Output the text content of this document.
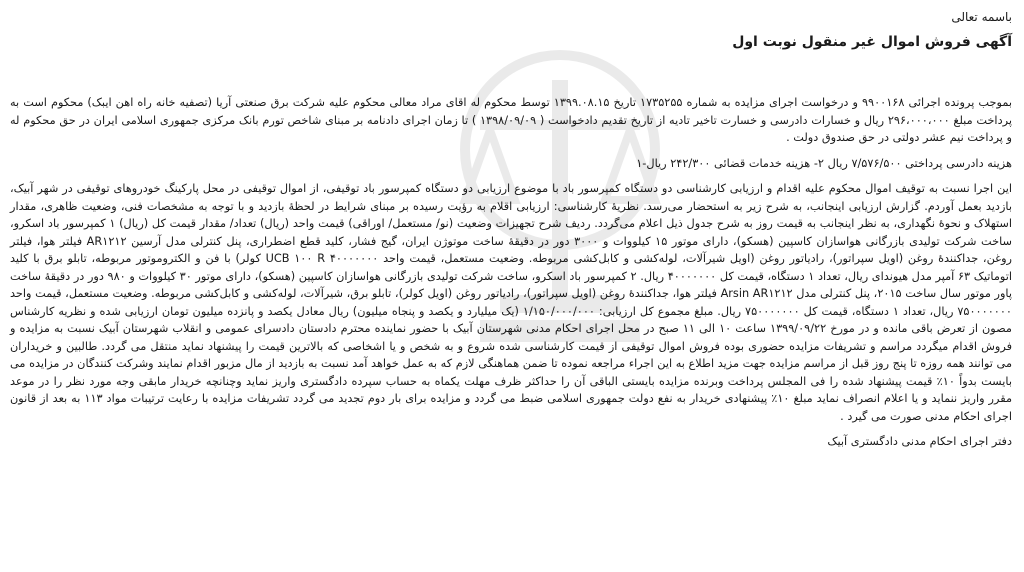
باسمه تعالی
آگهی فروش اموال غیر منقول نوبت اول

بموجب پرونده اجرائی ۹۹۰۰۱۶۸ و درخواست اجرای مزایده به شماره ۱۷۳۵۲۵۵ تاریخ ۱۳۹۹.۰۸.۱۵ توسط محکوم له اقای مراد معالی محکوم علیه شرکت برق صنعتی آریا (تصفیه خانه راه اهن ایبک) محکوم است به پرداخت مبلغ ۲۹۶،۰۰۰،۰۰۰ ریال و خسارات دادرسی و خسارت تاخیر تادیه از تاریخ تقدیم دادخواست ( ۱۳۹۸/۰۹/۰۹ ) تا زمان اجرای دادنامه بر مبنای شاخص تورم بانک مرکزی جمهوری اسلامی ایران در حق محکوم له و پرداخت نیم عشر دولتی در حق صندوق دولت .

هزینه دادرسی پرداختی ۷/۵۷۶/۵۰۰ ریال ۲- هزینه خدمات قضائی ۲۴۲/۳۰۰ ریال-۱

این اجرا نسبت به توقیف اموال محکوم علیه اقدام و ارزیابی کارشناسی دو دستگاه کمپرسور باد با موضوع ارزیابی دو دستگاه کمپرسور باد توقیفی، از اموال توقیفی در محل پارکینگ خودروهای توقیفی در شهر آبیک، بازدید بعمل آوردم. گزارش ارزیابی اینجانب، به شرح زیر به استحضار می‌رسد. نظریهٔ کارشناسی: ارزیابی اقلام به رؤیت رسیده بر مبنای شرایط در لحظهٔ بازدید و با توجه به مشخصات فنی، وضعیت ظاهری، مقدار استهلاک و نحوهٔ نگهداری، به نظر اینجانب به قیمت روز به شرح جدول ذیل اعلام می‌گردد. ردیف شرح تجهیزات وضعیت (نو/ مستعمل/ اوراقی) قیمت واحد (ریال) تعداد/ مقدار قیمت کل (ریال) ۱ کمپرسور باد اسکرو، ساخت شرکت تولیدی بازرگانی هواسازان کاسپین (هسکو)، دارای موتور ۱۵ کیلووات و ۳۰۰۰ دور در دقیقهٔ ساخت موتوژن ایران، گیج فشار، کلید قطع اضطراری، پنل کنترلی مدل آرسین AR۱۲۱۲ فیلتر هوا، فیلتر روغن، جداکنندهٔ روغن (اویل سپراتور)، رادیاتور روغن (اویل شیرآلات، لوله‌کشی و کابل‌کشی مربوطه. وضعیت مستعمل، قیمت واحد ۴۰۰۰۰۰۰۰ UCB ۱۰۰ R کولر) با فن و الکتروموتور مربوطه، تابلو برق با کلید اتوماتیک ۶۳ آمپر مدل هیوندای ریال، تعداد ۱ دستگاه، قیمت کل ۴۰۰۰۰۰۰۰ ریال. ۲ کمپرسور باد اسکرو، ساخت شرکت تولیدی بازرگانی هواسازان کاسپین (هسکو)، دارای موتور ۳۰ کیلووات و ۹۸۰ دور در دقیقهٔ ساخت پاور موتور سال ساخت ۲۰۱۵، پنل کنترلی مدل Arsin AR۱۲۱۲ فیلتر هوا، جداکنندهٔ روغن (اویل سپراتور)، رادیاتور روغن (اویل کولر)، تابلو برق، شیرآلات، لوله‌کشی و کابل‌کشی مربوطه. وضعیت مستعمل، قیمت واحد ۷۵۰۰۰۰۰۰۰ ریال، تعداد ۱ دستگاه، قیمت کل ۷۵۰۰۰۰۰۰۰ ریال. مبلغ مجموع کل ارزیابی: ۱/۱۵۰/۰۰۰/۰۰۰ (یک میلیارد و یکصد و پنجاه میلیون) ریال معادل یکصد و پانزده میلیون تومان ارزیابی شده و نظریه کارشناس مصون از تعرض باقی مانده و در مورخ ۱۳۹۹/۰۹/۲۲ ساعت ۱۰ الی ۱۱ صبح در محل اجرای احکام مدنی شهرستان آبیک با حضور نماینده محترم دادستان دادسرای عمومی و انقلاب شهرستان آبیک نسبت به مزایده و فروش اقدام میگردد مراسم و تشریفات مزایده حضوری بوده فروش اموال توقیفی از قیمت کارشناسی شده شروع و به شخص و یا اشخاصی که بالاترین قیمت را پیشنهاد نماید منتقل می گردد. طالبین و خریداران می توانند همه روزه تا پنج روز قبل از مراسم مزایده جهت مزید اطلاع به این اجراء مراجعه نموده تا ضمن هماهنگی لازم که به عمل خواهد آمد نسبت به بازدید از مال مزبور اقدام نمایند وشرکت کنندگان در مزایده می بایست بدواً ۱۰٪ قیمت پیشنهاد شده را فی المجلس پرداخت وبرنده مزایده بایستی الباقی آن را حداکثر ظرف مهلت یکماه به حساب سپرده دادگستری واریز نماید وچنانچه خریدار مابقی وجه مورد نظر را در موعد مقرر واریز ننماید و یا اعلام انصراف نماید مبلغ ۱۰٪ پیشنهادی خریدار به نفع دولت جمهوری اسلامی ضبط می گردد و مزایده برای بار دوم تجدید می گردد تشریفات مزایده با رعایت ترتیبات مواد ۱۱۳ به بعد از قانون اجرای احکام مدنی صورت می گیرد .

دفتر اجرای احکام مدنی دادگستری آبیک
